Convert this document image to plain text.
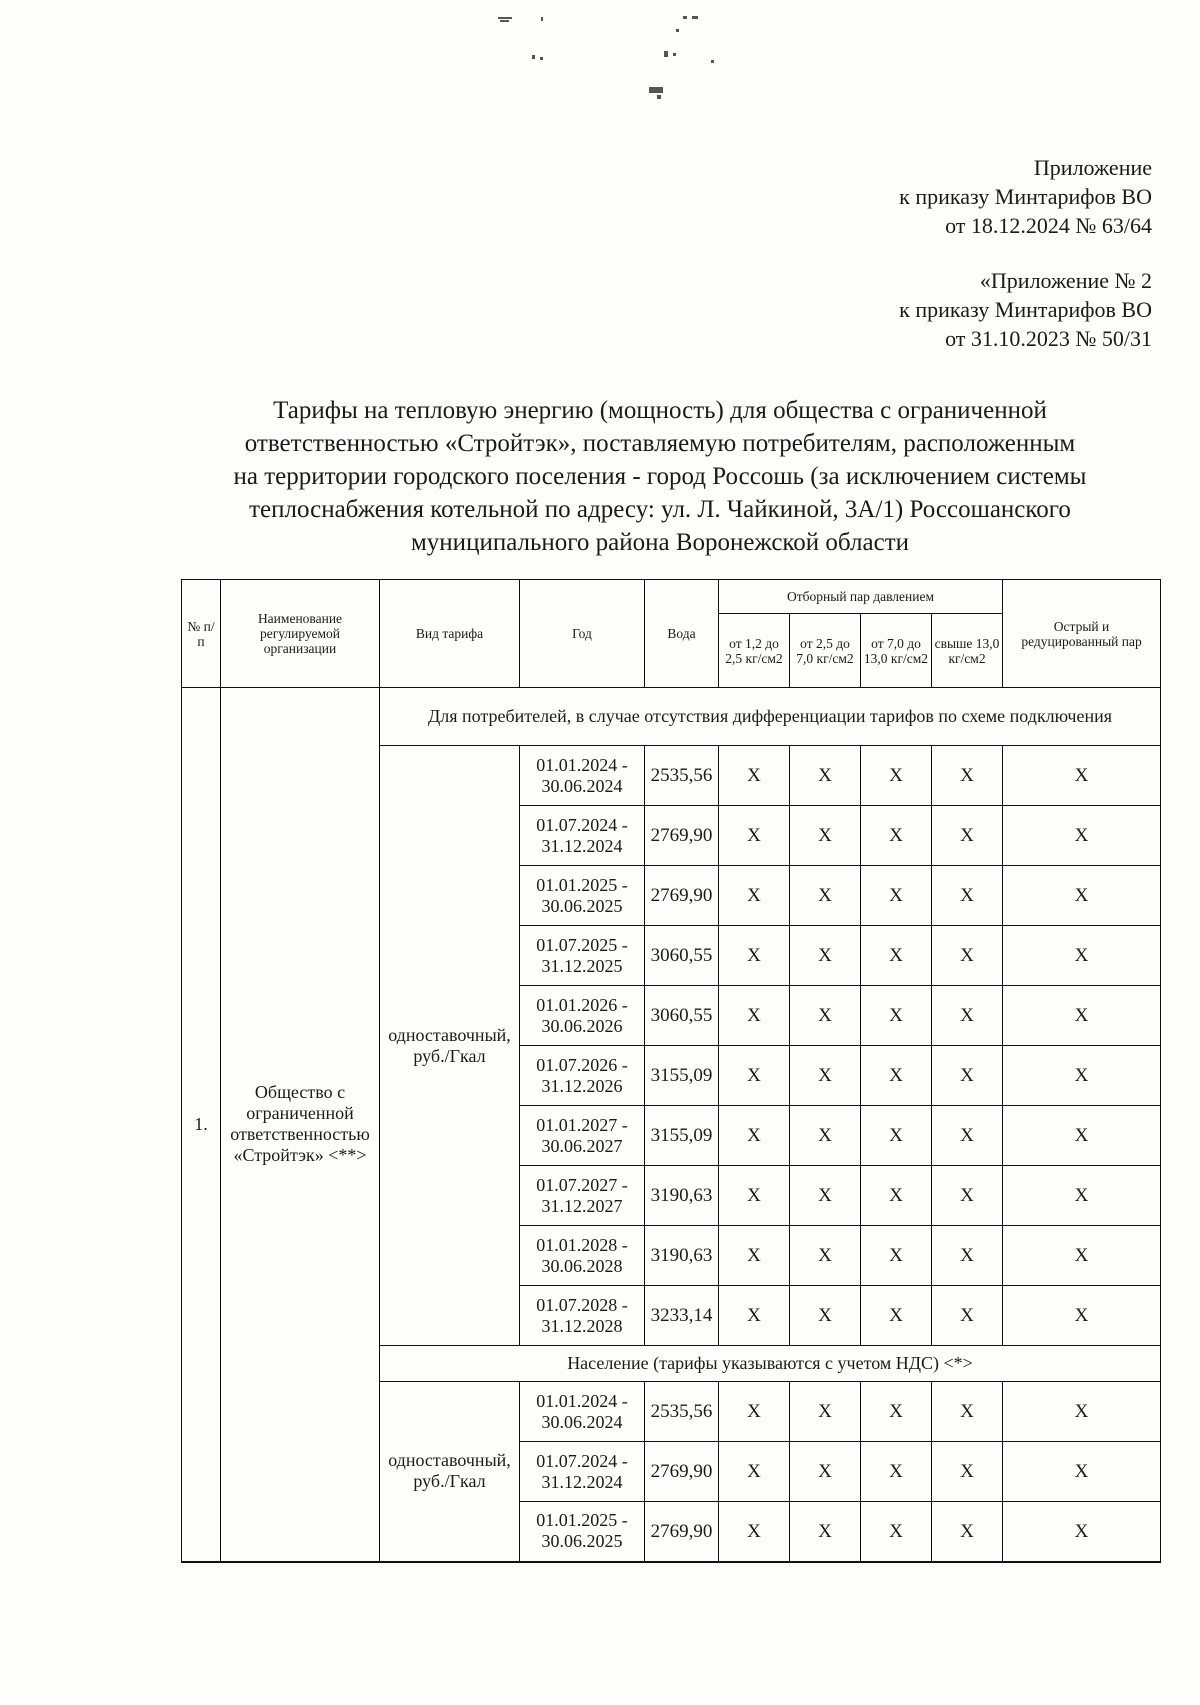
Приложение
к приказу Минтарифов ВО
от 18.12.2024 № 63/64
«Приложение № 2
к приказу Минтарифов ВО
от 31.10.2023 № 50/31
Тарифы на тепловую энергию (мощность) для общества с ограниченной
ответственностью «Стройтэк», поставляемую потребителям, расположенным
на территории городского поселения - город Россошь (за исключением системы
теплоснабжения котельной по адресу: ул. Л. Чайкиной, 3А/1) Россошанского
муниципального района Воронежской области
№ п/п	Наименование регулируемой организации	Вид тарифа	Год	Вода	Отборный пар давлением				Острый и редуцированный пар
					от 1,2 до 2,5 кг/см2	от 2,5 до 7,0 кг/см2	от 7,0 до 13,0 кг/см2	свыше 13,0 кг/см2	
1.	Общество с ограниченной ответственностью «Стройтэк» <**>	Для потребителей, в случае отсутствия дифференциации тарифов по схеме подключения							
		одноставочный, руб./Гкал	01.01.2024 - 30.06.2024	2535,56	X	X	X	X	X
			01.07.2024 - 31.12.2024	2769,90	X	X	X	X	X
			01.01.2025 - 30.06.2025	2769,90	X	X	X	X	X
			01.07.2025 - 31.12.2025	3060,55	X	X	X	X	X
			01.01.2026 - 30.06.2026	3060,55	X	X	X	X	X
			01.07.2026 - 31.12.2026	3155,09	X	X	X	X	X
			01.01.2027 - 30.06.2027	3155,09	X	X	X	X	X
			01.07.2027 - 31.12.2027	3190,63	X	X	X	X	X
			01.01.2028 - 30.06.2028	3190,63	X	X	X	X	X
			01.07.2028 - 31.12.2028	3233,14	X	X	X	X	X
		Население (тарифы указываются с учетом НДС) <*>							
		одноставочный, руб./Гкал	01.01.2024 - 30.06.2024	2535,56	X	X	X	X	X
			01.07.2024 - 31.12.2024	2769,90	X	X	X	X	X
			01.01.2025 - 30.06.2025	2769,90	X	X	X	X	X
